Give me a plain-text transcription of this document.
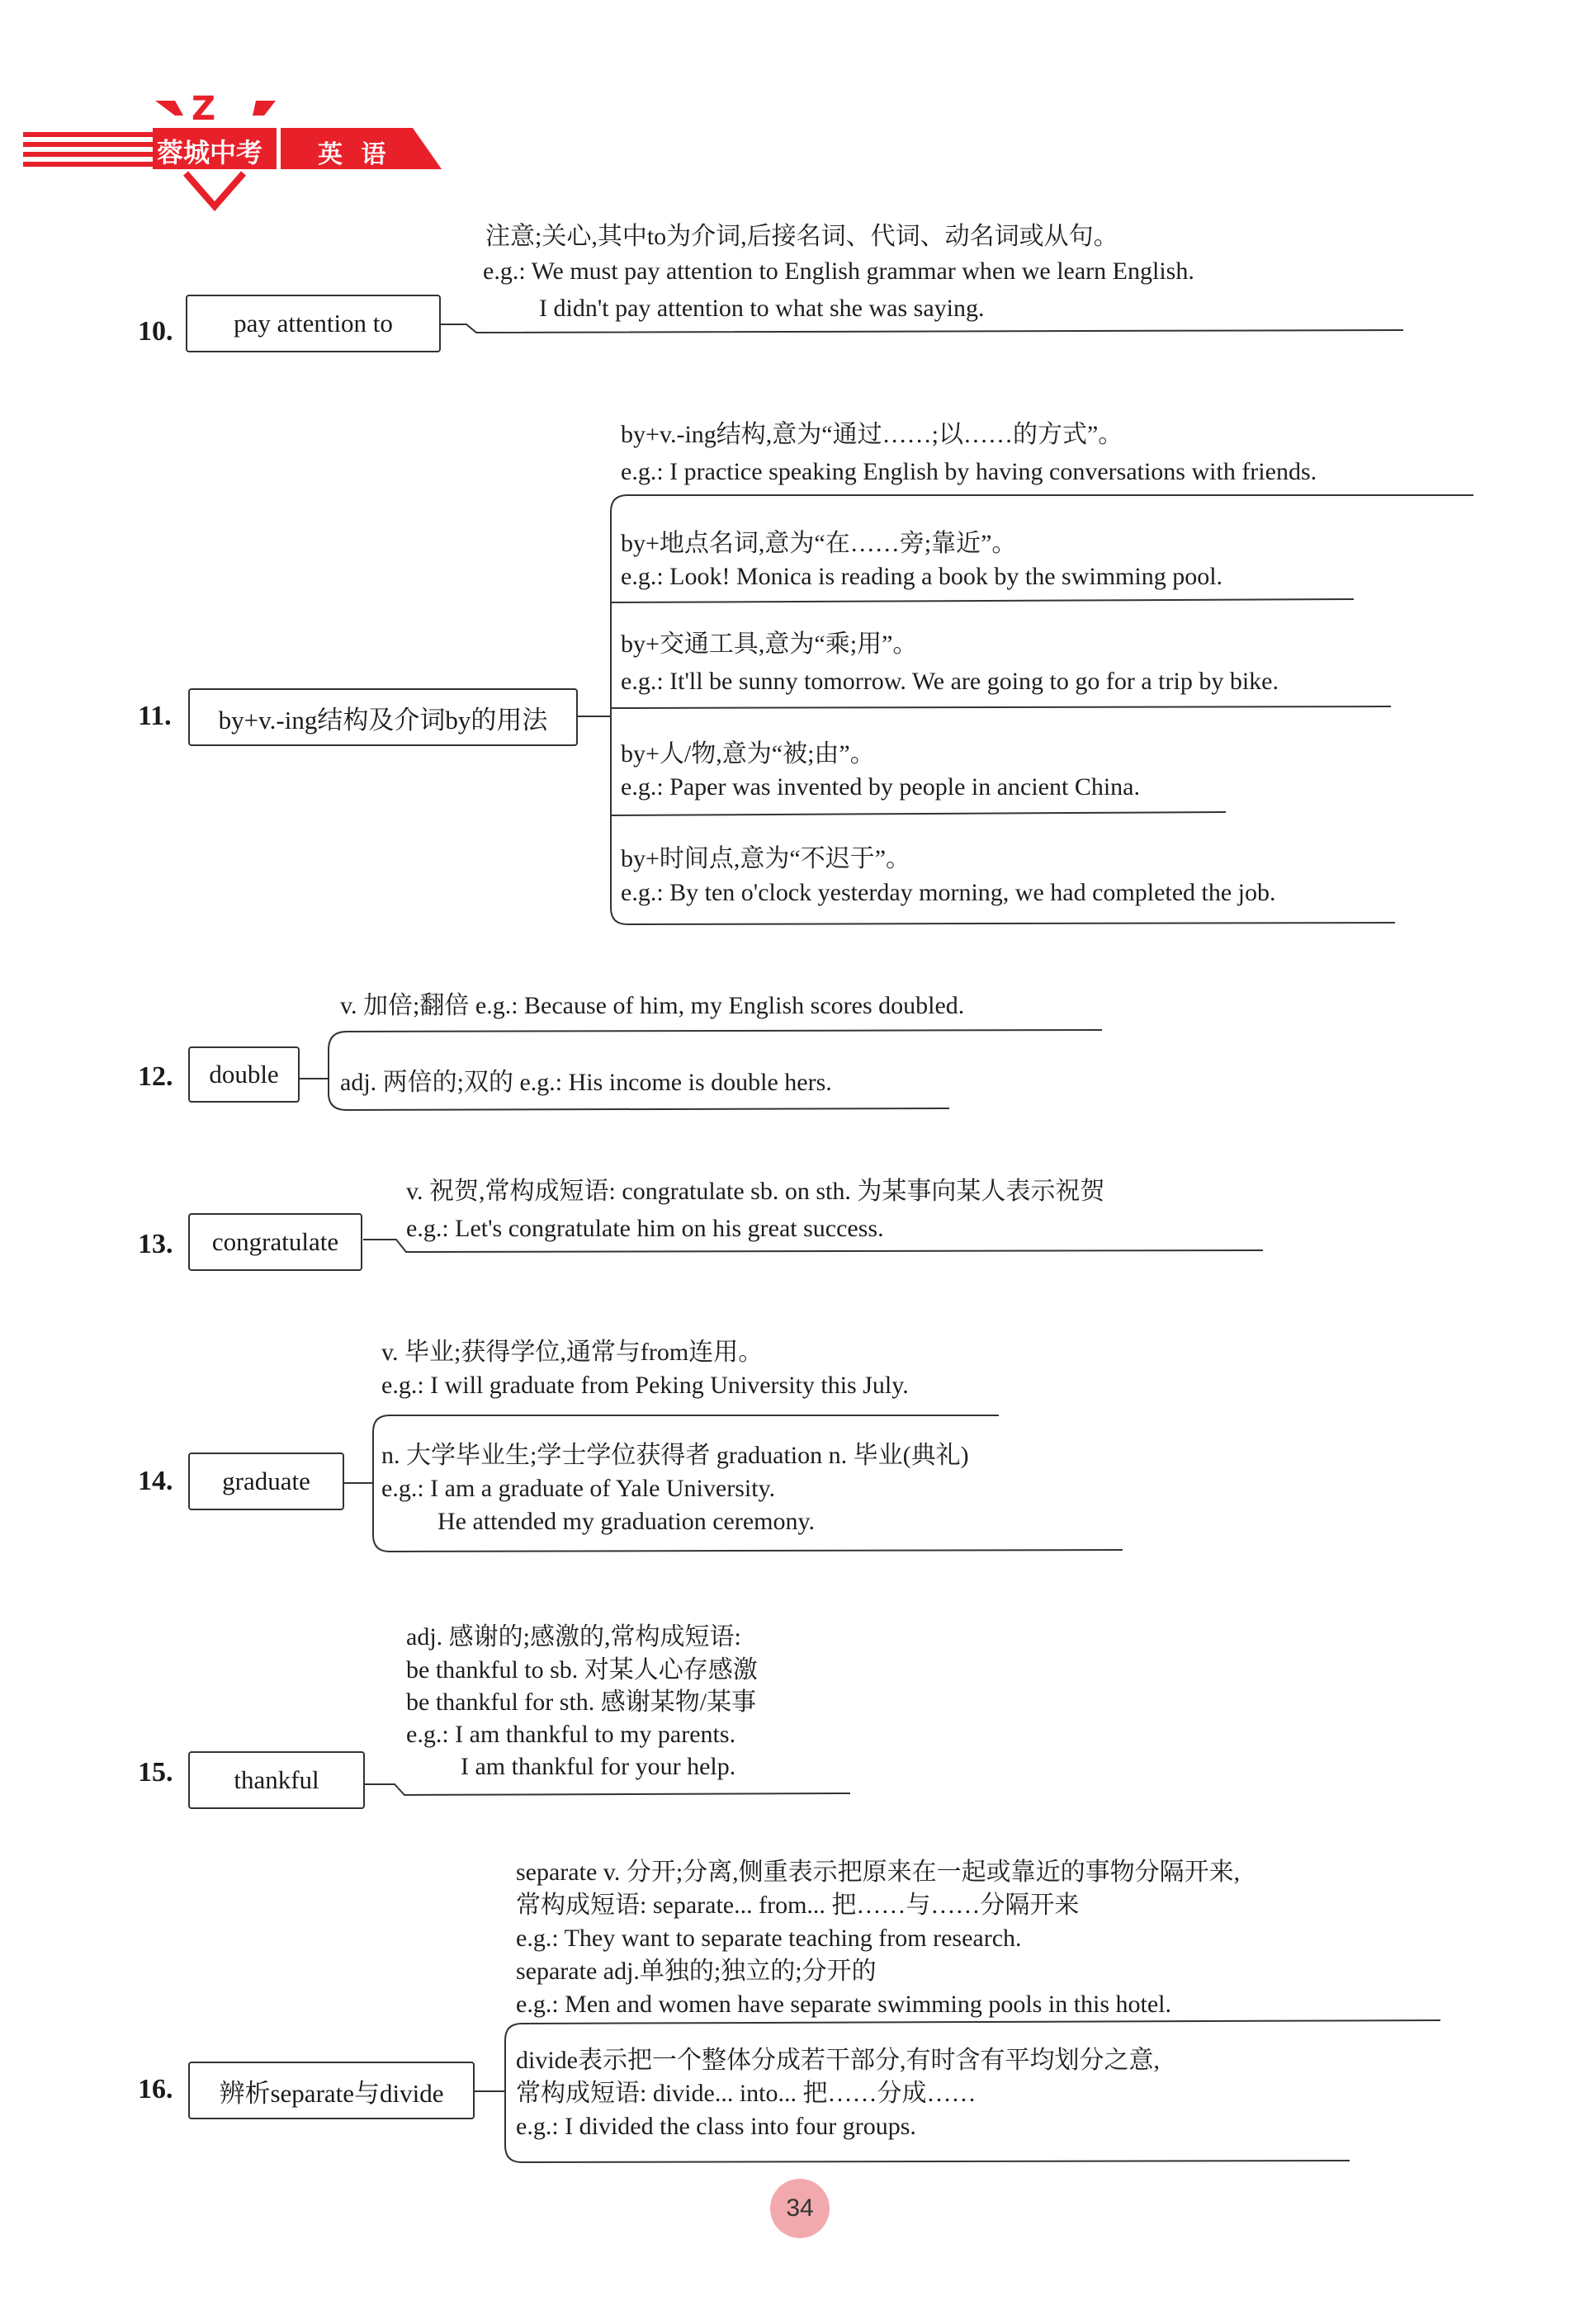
Z
蓉城中考 英 语
10.	pay attention to
注意;关心,其中to为介词,后接名词、代词、动名词或从句。
e.g.: We must pay attention to English grammar when we learn English.
I didn't pay attention to what she was saying.
11.	by+v.-ing结构及介词by的用法
by+v.-ing结构,意为“通过……;以……的方式”。
e.g.: I practice speaking English by having conversations with friends.
by+地点名词,意为“在……旁;靠近”。
e.g.: Look! Monica is reading a book by the swimming pool.
by+交通工具,意为“乘;用”。
e.g.: It'll be sunny tomorrow. We are going to go for a trip by bike.
by+人/物,意为“被;由”。
e.g.: Paper was invented by people in ancient China.
by+时间点,意为“不迟于”。
e.g.: By ten o'clock yesterday morning, we had completed the job.
12.	double
v. 加倍;翻倍 e.g.: Because of him, my English scores doubled.
adj. 两倍的;双的 e.g.: His income is double hers.
13.	congratulate
v. 祝贺,常构成短语: congratulate sb. on sth. 为某事向某人表示祝贺
e.g.: Let's congratulate him on his great success.
14.	graduate
v. 毕业;获得学位,通常与from连用。
e.g.: I will graduate from Peking University this July.
n. 大学毕业生;学士学位获得者 graduation n. 毕业(典礼)
e.g.: I am a graduate of Yale University.
He attended my graduation ceremony.
15.	thankful
adj. 感谢的;感激的,常构成短语:
be thankful to sb. 对某人心存感激
be thankful for sth. 感谢某物/某事
e.g.: I am thankful to my parents.
I am thankful for your help.
16.	辨析separate与divide
separate v. 分开;分离,侧重表示把原来在一起或靠近的事物分隔开来,
常构成短语: separate... from... 把……与……分隔开来
e.g.: They want to separate teaching from research.
separate adj.单独的;独立的;分开的
e.g.: Men and women have separate swimming pools in this hotel.
divide表示把一个整体分成若干部分,有时含有平均划分之意,
常构成短语: divide... into... 把……分成……
e.g.: I divided the class into four groups.
34
